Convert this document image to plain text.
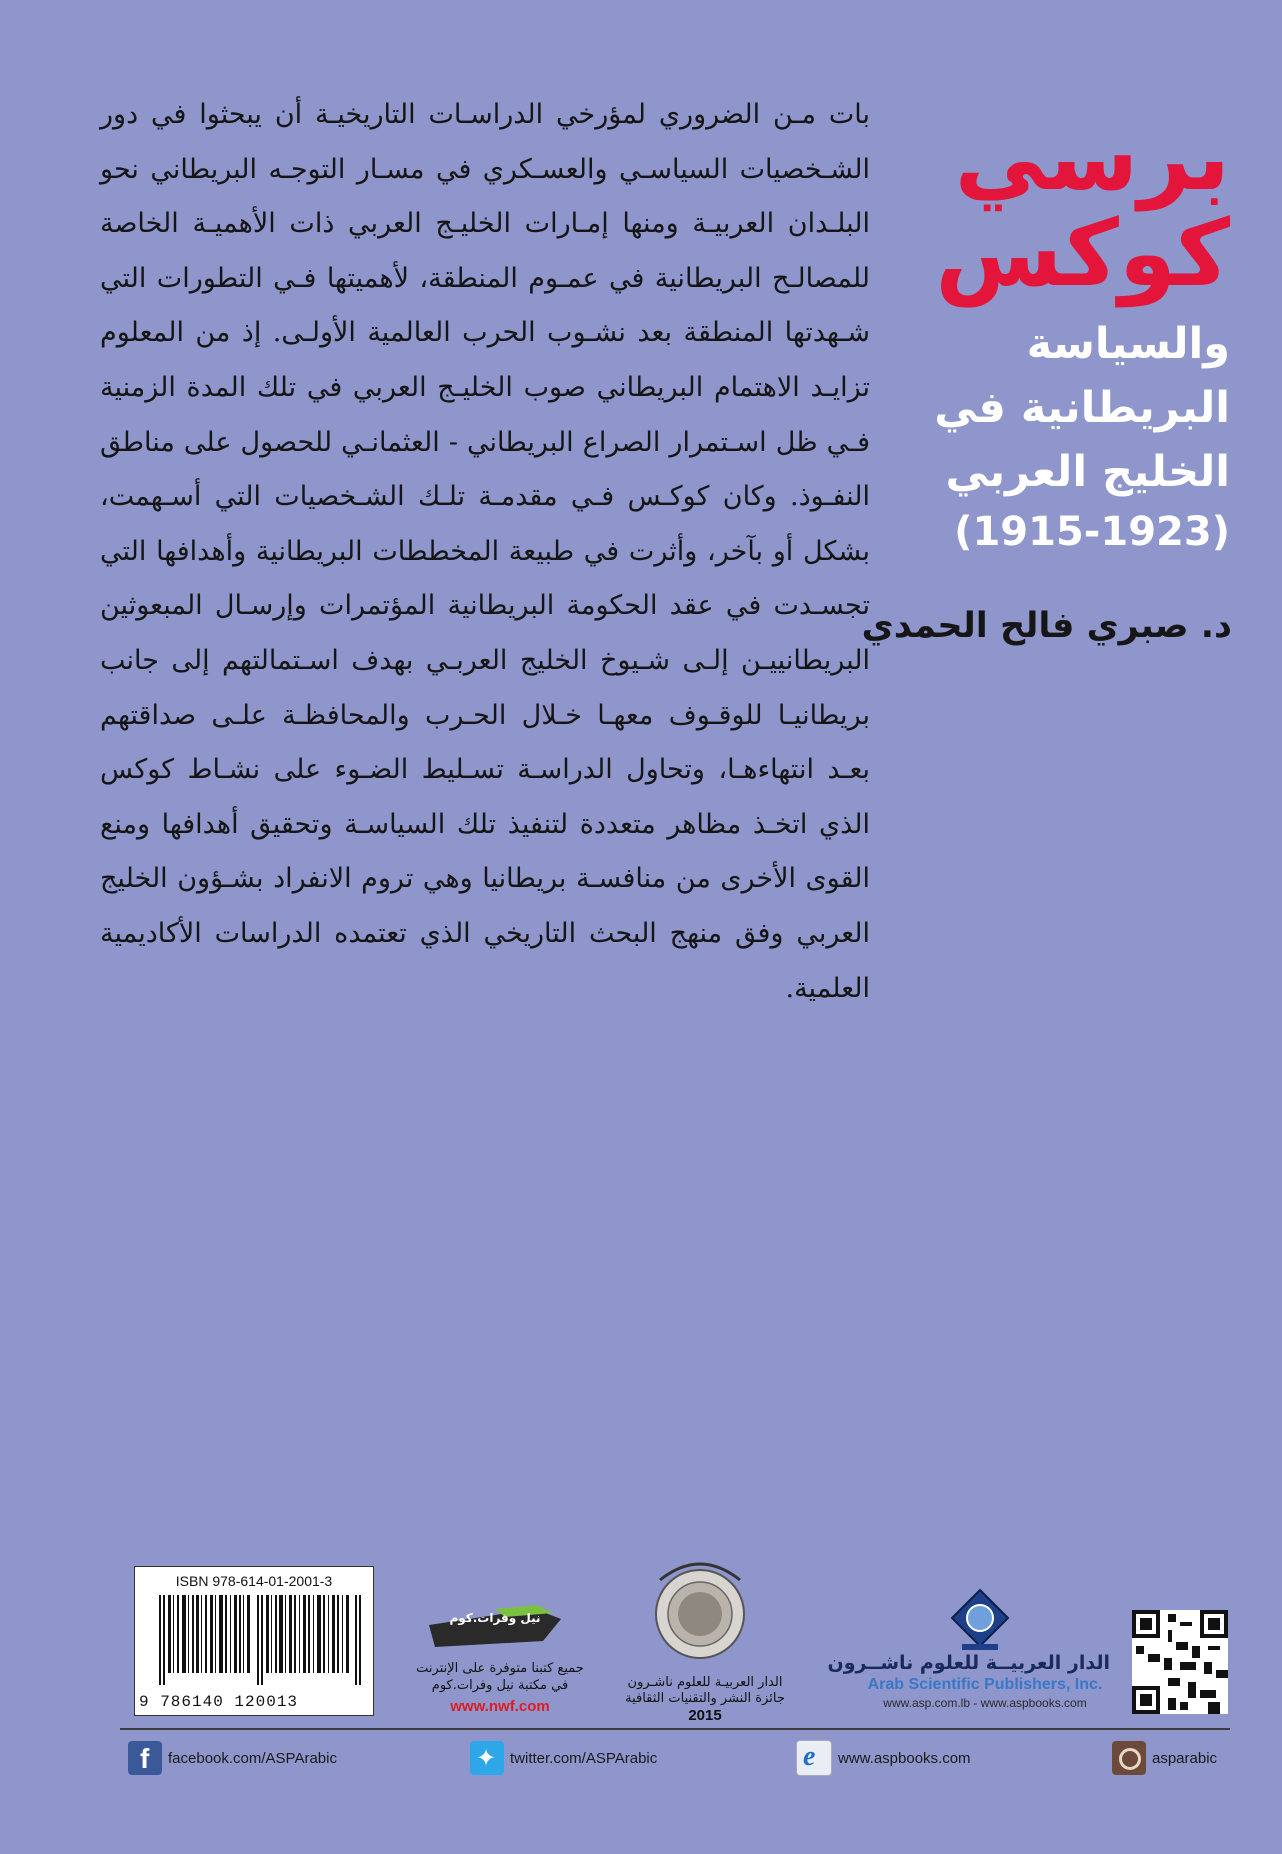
برسي
كوكس
والسياسة
البريطانية في
الخليج العربي
(1915-1923)
د. صبري فالح الحمدي

بات مـن الضروري لمؤرخي الدراسـات التاريخيـة أن يبحثوا في دور الشـخصيات السياسـي والعسـكري في مسـار التوجـه البريطاني نحو البلـدان العربيـة ومنها إمـارات الخليـج العربي ذات الأهميـة الخاصة للمصالـح البريطانية في عمـوم المنطقة، لأهميتها فـي التطورات التي شـهدتها المنطقة بعد نشـوب الحرب العالمية الأولـى. إذ من المعلوم تزايـد الاهتمام البريطاني صوب الخليـج العربي في تلك المدة الزمنية فـي ظل اسـتمرار الصراع البريطاني - العثمانـي للحصول على مناطق النفـوذ. وكان كوكـس فـي مقدمـة تلـك الشـخصيات التي أسـهمت، بشكل أو بآخر، وأثرت في طبيعة المخططات البريطانية وأهدافها التي تجسـدت في عقد الحكومة البريطانية المؤتمرات وإرسـال المبعوثين البريطانييـن إلـى شـيوخ الخليج العربـي بهدف اسـتمالتهم إلى جانب بريطانيـا للوقـوف معهـا خـلال الحـرب والمحافظـة علـى صداقتهم بعـد انتهاءهـا، وتحاول الدراسـة تسـليط الضـوء على نشـاط كوكس الذي اتخـذ مظاهر متعددة لتنفيذ تلك السياسـة وتحقيق أهدافها ومنع القوى الأخرى من منافسـة بريطانيا وهي تروم الانفراد بشـؤون الخليج العربي وفق منهج البحث التاريخي الذي تعتمده الدراسات الأكاديمية العلمية.

ISBN 978-614-01-2001-3
9 786140 120013
نيل وفرات.كوم
جميع كتبنا متوفرة على الإنترنت
في مكتبة نيل وفرات.كوم
www.nwf.com
الدار العربيـة للعلوم ناشـرون
جائزة النشر والتقنيات الثقافية
2015
الدار العربيــة للعلوم ناشــرون
Arab Scientific Publishers, Inc.
www.asp.com.lb - www.aspbooks.com
f facebook.com/ASPArabic	✦ twitter.com/ASPArabic	e www.aspbooks.com	asparabic
